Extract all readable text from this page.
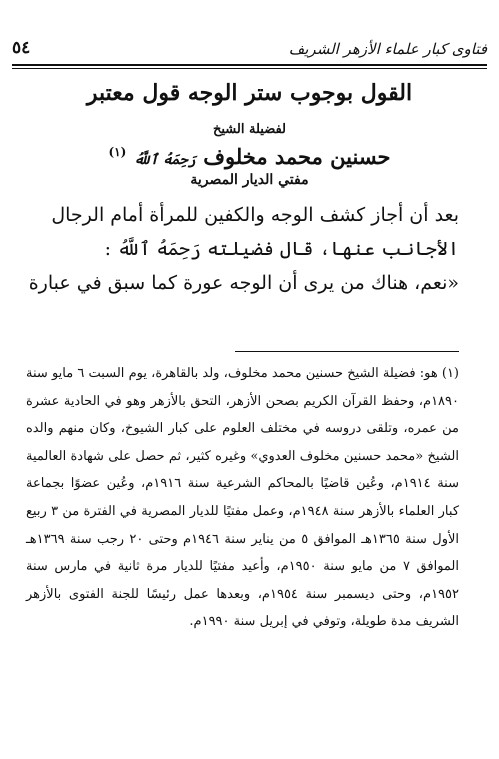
فتاوى كبار علماء الأزهر الشريف
٥٤
القول بوجوب ستر الوجه قول معتبر
لفضيلة الشيخ
حسنين محمد مخلوف رَحِمَهُ ٱللَّهُ $^{(١)}$
مفتي الديار المصرية

بعد أن أجاز كشف الوجه والكفين للمرأة أمام الرجال

الأجانب عنها، قال فضيلته رَحِمَهُ ٱللَّهُ :

«نعم، هناك من يرى أن الوجه عورة كما سبق في عبارة

(١) هو: فضيلة الشيخ حسنين محمد مخلوف، ولد بالقاهرة، يوم السبت ٦ مايو سنة ١٨٩٠م، وحفظ القرآن الكريم بصحن الأزهر، التحق بالأزهر وهو في الحادية عشرة من عمره، وتلقى دروسه في مختلف العلوم على كبار الشيوخ، وكان منهم والده الشيخ «محمد حسنين مخلوف العدوي» وغيره كثير، ثم حصل على شهادة العالمية سنة ١٩١٤م، وعُين قاضيًا بالمحاكم الشرعية سنة ١٩١٦م، وعُين عضوًا بجماعة كبار العلماء بالأزهر سنة ١٩٤٨م، وعمل مفتيًا للديار المصرية في الفترة من ٣ ربيع الأول سنة ١٣٦٥هـ الموافق ٥ من يناير سنة ١٩٤٦م وحتى ٢٠ رجب سنة ١٣٦٩هـ الموافق ٧ من مايو سنة ١٩٥٠م، وأعيد مفتيًا للديار مرة ثانية في مارس سنة ١٩٥٢م، وحتى ديسمبر سنة ١٩٥٤م، وبعدها عمل رئيسًا للجنة الفتوى بالأزهر الشريف مدة طويلة، وتوفي في إبريل سنة ١٩٩٠م.
